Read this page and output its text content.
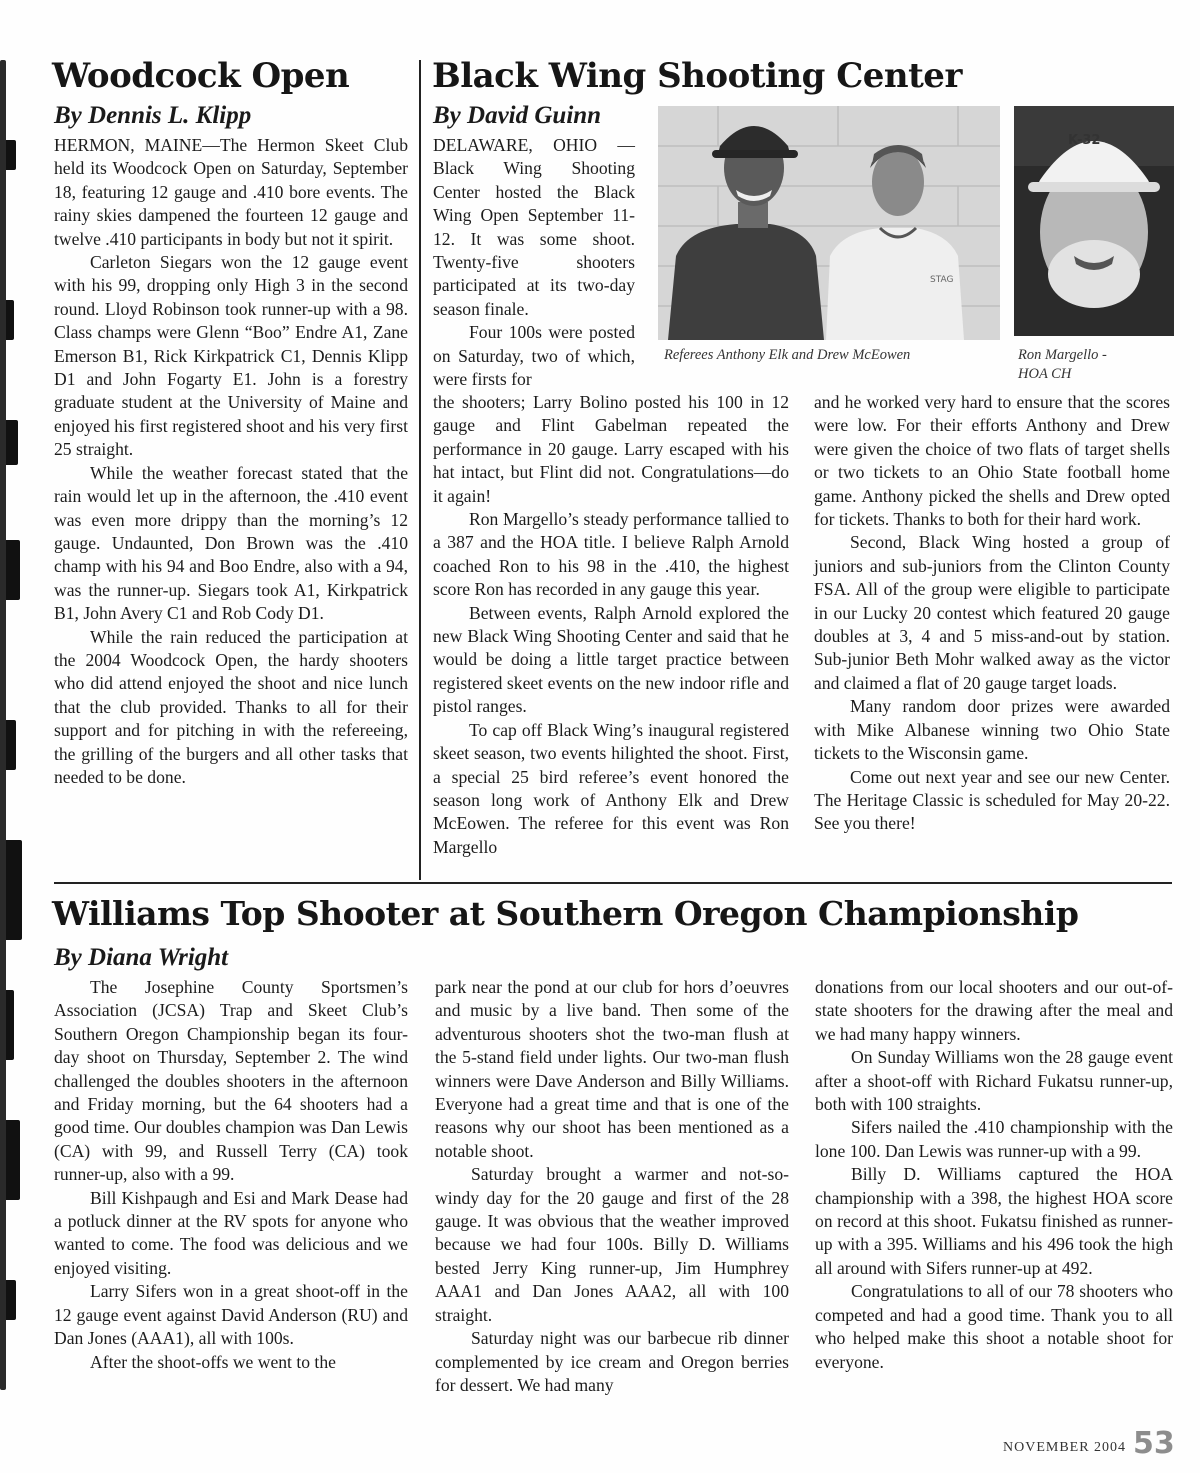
Woodcock Open
By Dennis L. Klipp

HERMON, MAINE—The Hermon Skeet Club held its Woodcock Open on Saturday, September 18, featuring 12 gauge and .410 bore events. The rainy skies dampened the fourteen 12 gauge and twelve .410 participants in body but not it spirit.

Carleton Siegars won the 12 gauge event with his 99, dropping only High 3 in the second round. Lloyd Robinson took runner-up with a 98. Class champs were Glenn “Boo” Endre A1, Zane Emerson B1, Rick Kirkpatrick C1, Dennis Klipp D1 and John Fogarty E1. John is a forestry graduate student at the University of Maine and enjoyed his first registered shoot and his very first 25 straight.

While the weather forecast stated that the rain would let up in the afternoon, the .410 event was even more drippy than the morning’s 12 gauge. Undaunted, Don Brown was the .410 champ with his 94 and Boo Endre, also with a 94, was the runner-up. Siegars took A1, Kirkpatrick B1, John Avery C1 and Rob Cody D1.

While the rain reduced the participation at the 2004 Woodcock Open, the hardy shooters who did attend enjoyed the shoot and nice lunch that the club provided. Thanks to all for their support and for pitching in with the refereeing, the grilling of the burgers and all other tasks that needed to be done.

Black Wing Shooting Center
By David Guinn

DELAWARE, OHIO —Black Wing Shooting Center hosted the Black Wing Open September 11-12. It was some shoot. Twenty-five shooters participated at its two-day season finale.

Four 100s were posted on Saturday, two of which, were firsts for

STAG
K-32
Referees Anthony Elk and Drew McEowen	Ron Margello -
HOA CH

the shooters; Larry Bolino posted his 100 in 12 gauge and Flint Gabelman repeated the performance in 20 gauge. Larry escaped with his hat intact, but Flint did not. Congratulations—do it again!

Ron Margello’s steady performance tallied to a 387 and the HOA title. I believe Ralph Arnold coached Ron to his 98 in the .410, the highest score Ron has recorded in any gauge this year.

Between events, Ralph Arnold explored the new Black Wing Shooting Center and said that he would be doing a little target practice between registered skeet events on the new indoor rifle and pistol ranges.

To cap off Black Wing’s inaugural registered skeet season, two events hilighted the shoot. First, a special 25 bird referee’s event honored the season long work of Anthony Elk and Drew McEowen. The referee for this event was Ron Margello

and he worked very hard to ensure that the scores were low. For their efforts Anthony and Drew were given the choice of two flats of target shells or two tickets to an Ohio State football home game. Anthony picked the shells and Drew opted for tickets. Thanks to both for their hard work.

Second, Black Wing hosted a group of juniors and sub-juniors from the Clinton County FSA. All of the group were eligible to participate in our Lucky 20 contest which featured 20 gauge doubles at 3, 4 and 5 miss-and-out by station. Sub-junior Beth Mohr walked away as the victor and claimed a flat of 20 gauge target loads.

Many random door prizes were awarded with Mike Albanese winning two Ohio State tickets to the Wisconsin game.

Come out next year and see our new Center. The Heritage Classic is scheduled for May 20-22. See you there!

Williams Top Shooter at Southern Oregon Championship
By Diana Wright

The Josephine County Sportsmen’s Association (JCSA) Trap and Skeet Club’s Southern Oregon Championship began its four-day shoot on Thursday, September 2. The wind challenged the doubles shooters in the afternoon and Friday morning, but the 64 shooters had a good time. Our doubles champion was Dan Lewis (CA) with 99, and Russell Terry (CA) took runner-up, also with a 99.

Bill Kishpaugh and Esi and Mark Dease had a potluck dinner at the RV spots for anyone who wanted to come. The food was delicious and we enjoyed visiting.

Larry Sifers won in a great shoot-off in the 12 gauge event against David Anderson (RU) and Dan Jones (AAA1), all with 100s.

After the shoot-offs we went to the

park near the pond at our club for hors d’oeuvres and music by a live band. Then some of the adventurous shooters shot the two-man flush at the 5-stand field under lights. Our two-man flush winners were Dave Anderson and Billy Williams. Everyone had a great time and that is one of the reasons why our shoot has been mentioned as a notable shoot.

Saturday brought a warmer and not-so-windy day for the 20 gauge and first of the 28 gauge. It was obvious that the weather improved because we had four 100s. Billy D. Williams bested Jerry King runner-up, Jim Humphrey AAA1 and Dan Jones AAA2, all with 100 straight.

Saturday night was our barbecue rib dinner complemented by ice cream and Oregon berries for dessert. We had many

donations from our local shooters and our out-of-state shooters for the drawing after the meal and we had many happy winners.

On Sunday Williams won the 28 gauge event after a shoot-off with Richard Fukatsu runner-up, both with 100 straights.

Sifers nailed the .410 championship with the lone 100. Dan Lewis was runner-up with a 99.

Billy D. Williams captured the HOA championship with a 398, the highest HOA score on record at this shoot. Fukatsu finished as runner-up with a 395. Williams and his 496 took the high all around with Sifers runner-up at 492.

Congratulations to all of our 78 shooters who competed and had a good time. Thank you to all who helped make this shoot a notable shoot for everyone.

NOVEMBER 2004 53
